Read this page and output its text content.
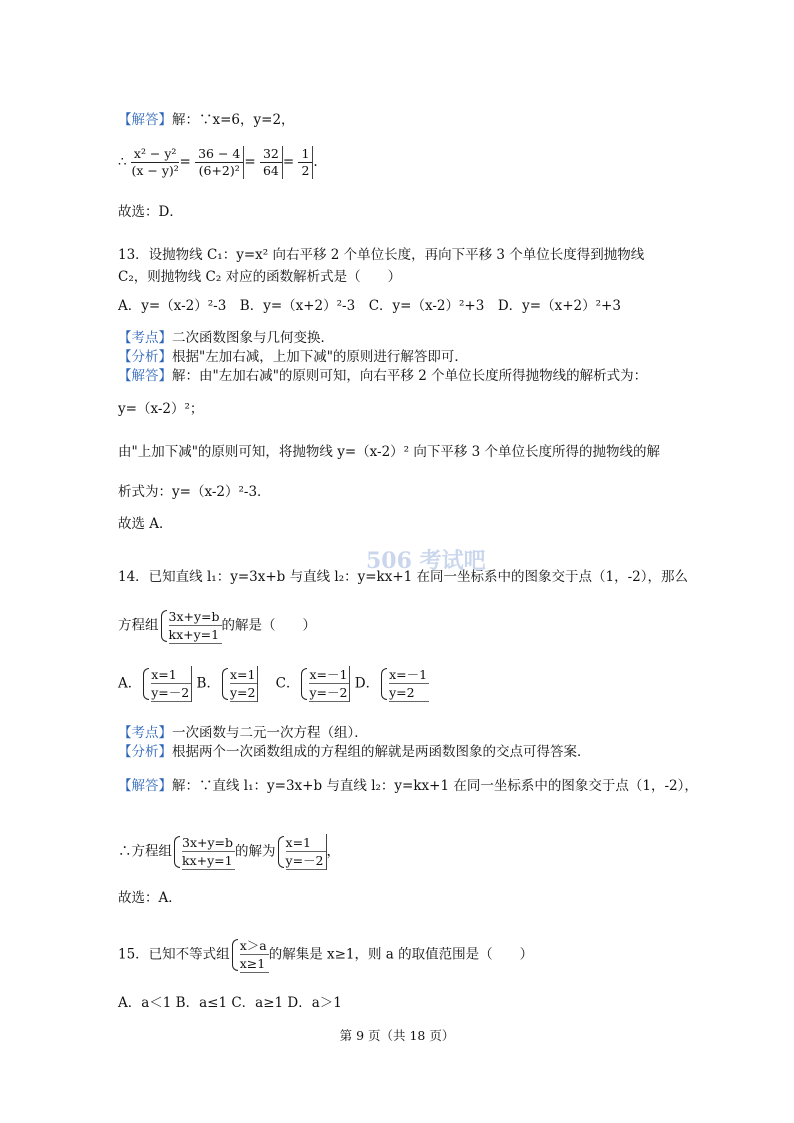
【解答】解：∵x=6，y=2，
∴ $\frac{\text{x² − y²}}{\text{(x − y)²}} = \frac{36 - 4}{\text{(6+2)²}} = \frac{32}{64} = \frac{1}{2}$ .
故选：D．
13．设抛物线 C₁：y=x² 向右平移 2 个单位长度，再向下平移 3 个单位长度得到抛物线
C₂，则抛物线 C₂ 对应的函数解析式是（　　）
A．y=（x-2）²-3　B．y=（x+2）²-3　C．y=（x-2）²+3　D．y=（x+2）²+3
【考点】二次函数图象与几何变换．
【分析】根据"左加右减，上加下减"的原则进行解答即可．
【解答】解：由"左加右减"的原则可知，向右平移 2 个单位长度所得抛物线的解析式为：
y=（x-2）²；
由"上加下减"的原则可知，将抛物线 y=（x-2）² 向下平移 3 个单位长度所得的抛物线的解
析式为：y=（x-2）²-3．
故选 A．
506 考试吧
14．已知直线 l₁：y=3x+b 与直线 l₂：y=kx+1 在同一坐标系中的图象交于点（1，-2），那么
方程组 $\frac{3x+y=b}{kx+y=1}$ 的解是（　　）
A． $\frac{x=1}{y=-2}$ B． $\frac{x=1}{y=2}$ C． $\frac{x=-1}{y=-2}$ D． $\frac{x=-1}{y=2}$
【考点】一次函数与二元一次方程（组）．
【分析】根据两个一次函数组成的方程组的解就是两函数图象的交点可得答案．
【解答】解：∵直线 l₁：y=3x+b 与直线 l₂：y=kx+1 在同一坐标系中的图象交于点（1，-2），
∴方程组 $\frac{3x+y=b}{kx+y=1}$ 的解为 $\frac{x=1}{y=-2}$ ，
故选：A．
15．已知不等式组 $\frac{x>a}{x\ge 1}$ 的解集是 x≥1，则 a 的取值范围是（　　）
A．a＜1 B．a≤1 C．a≥1 D．a＞1
第 9 页（共 18 页）
